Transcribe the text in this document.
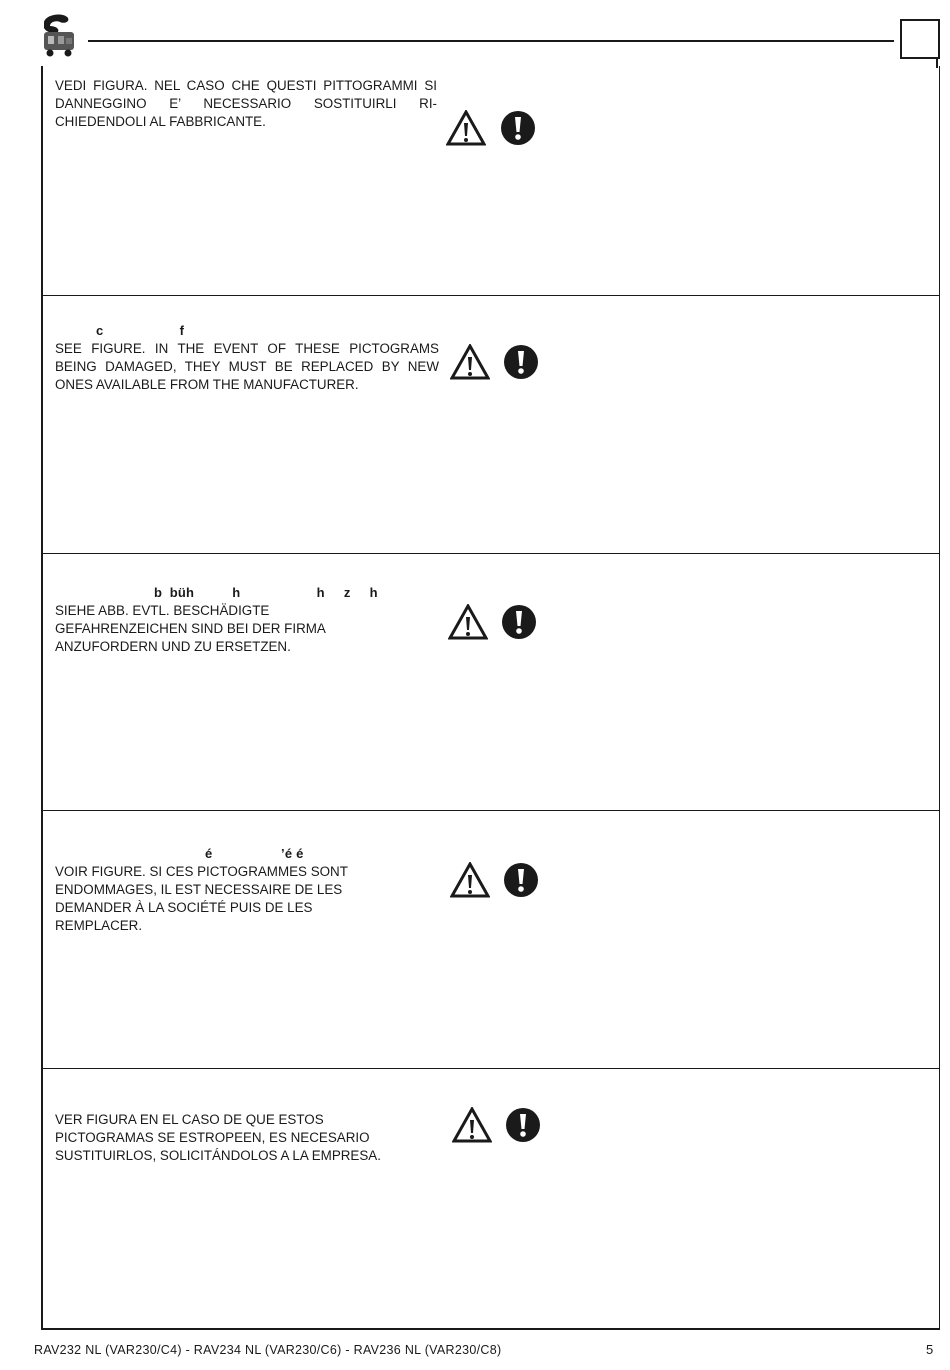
VEDI FIGURA. NEL CASO CHE QUESTI PITTOGRAMMI SI DANNEGGINO E’ NECESSARIO SOSTITUIRLI RI-CHIEDENDOLI AL FABBRICANTE.
c                    f
SEE FIGURE. IN THE EVENT OF THESE PICTOGRAMS BEING DAMAGED, THEY MUST BE REPLACED BY NEW ONES AVAILABLE FROM THE MANUFACTURER.
b  büh          h                    h     z     h
SIEHE ABB. EVTL. BESCHÄDIGTE GEFAHRENZEICHEN SIND BEI DER FIRMA ANZUFORDERN UND ZU ERSETZEN.
é                  ’é é
VOIR FIGURE. SI CES PICTOGRAMMES SONT ENDOMMAGES, IL EST NECESSAIRE DE LES DEMANDER À LA SOCIÉTÉ PUIS DE LES REMPLACER.
VER FIGURA EN EL CASO DE QUE ESTOS PICTOGRAMAS SE ESTROPEEN, ES NECESARIO SUSTITUIRLOS, SOLICITÁNDOLOS A LA EMPRESA.
RAV232 NL (VAR230/C4) - RAV234 NL (VAR230/C6) - RAV236 NL (VAR230/C8)	5
